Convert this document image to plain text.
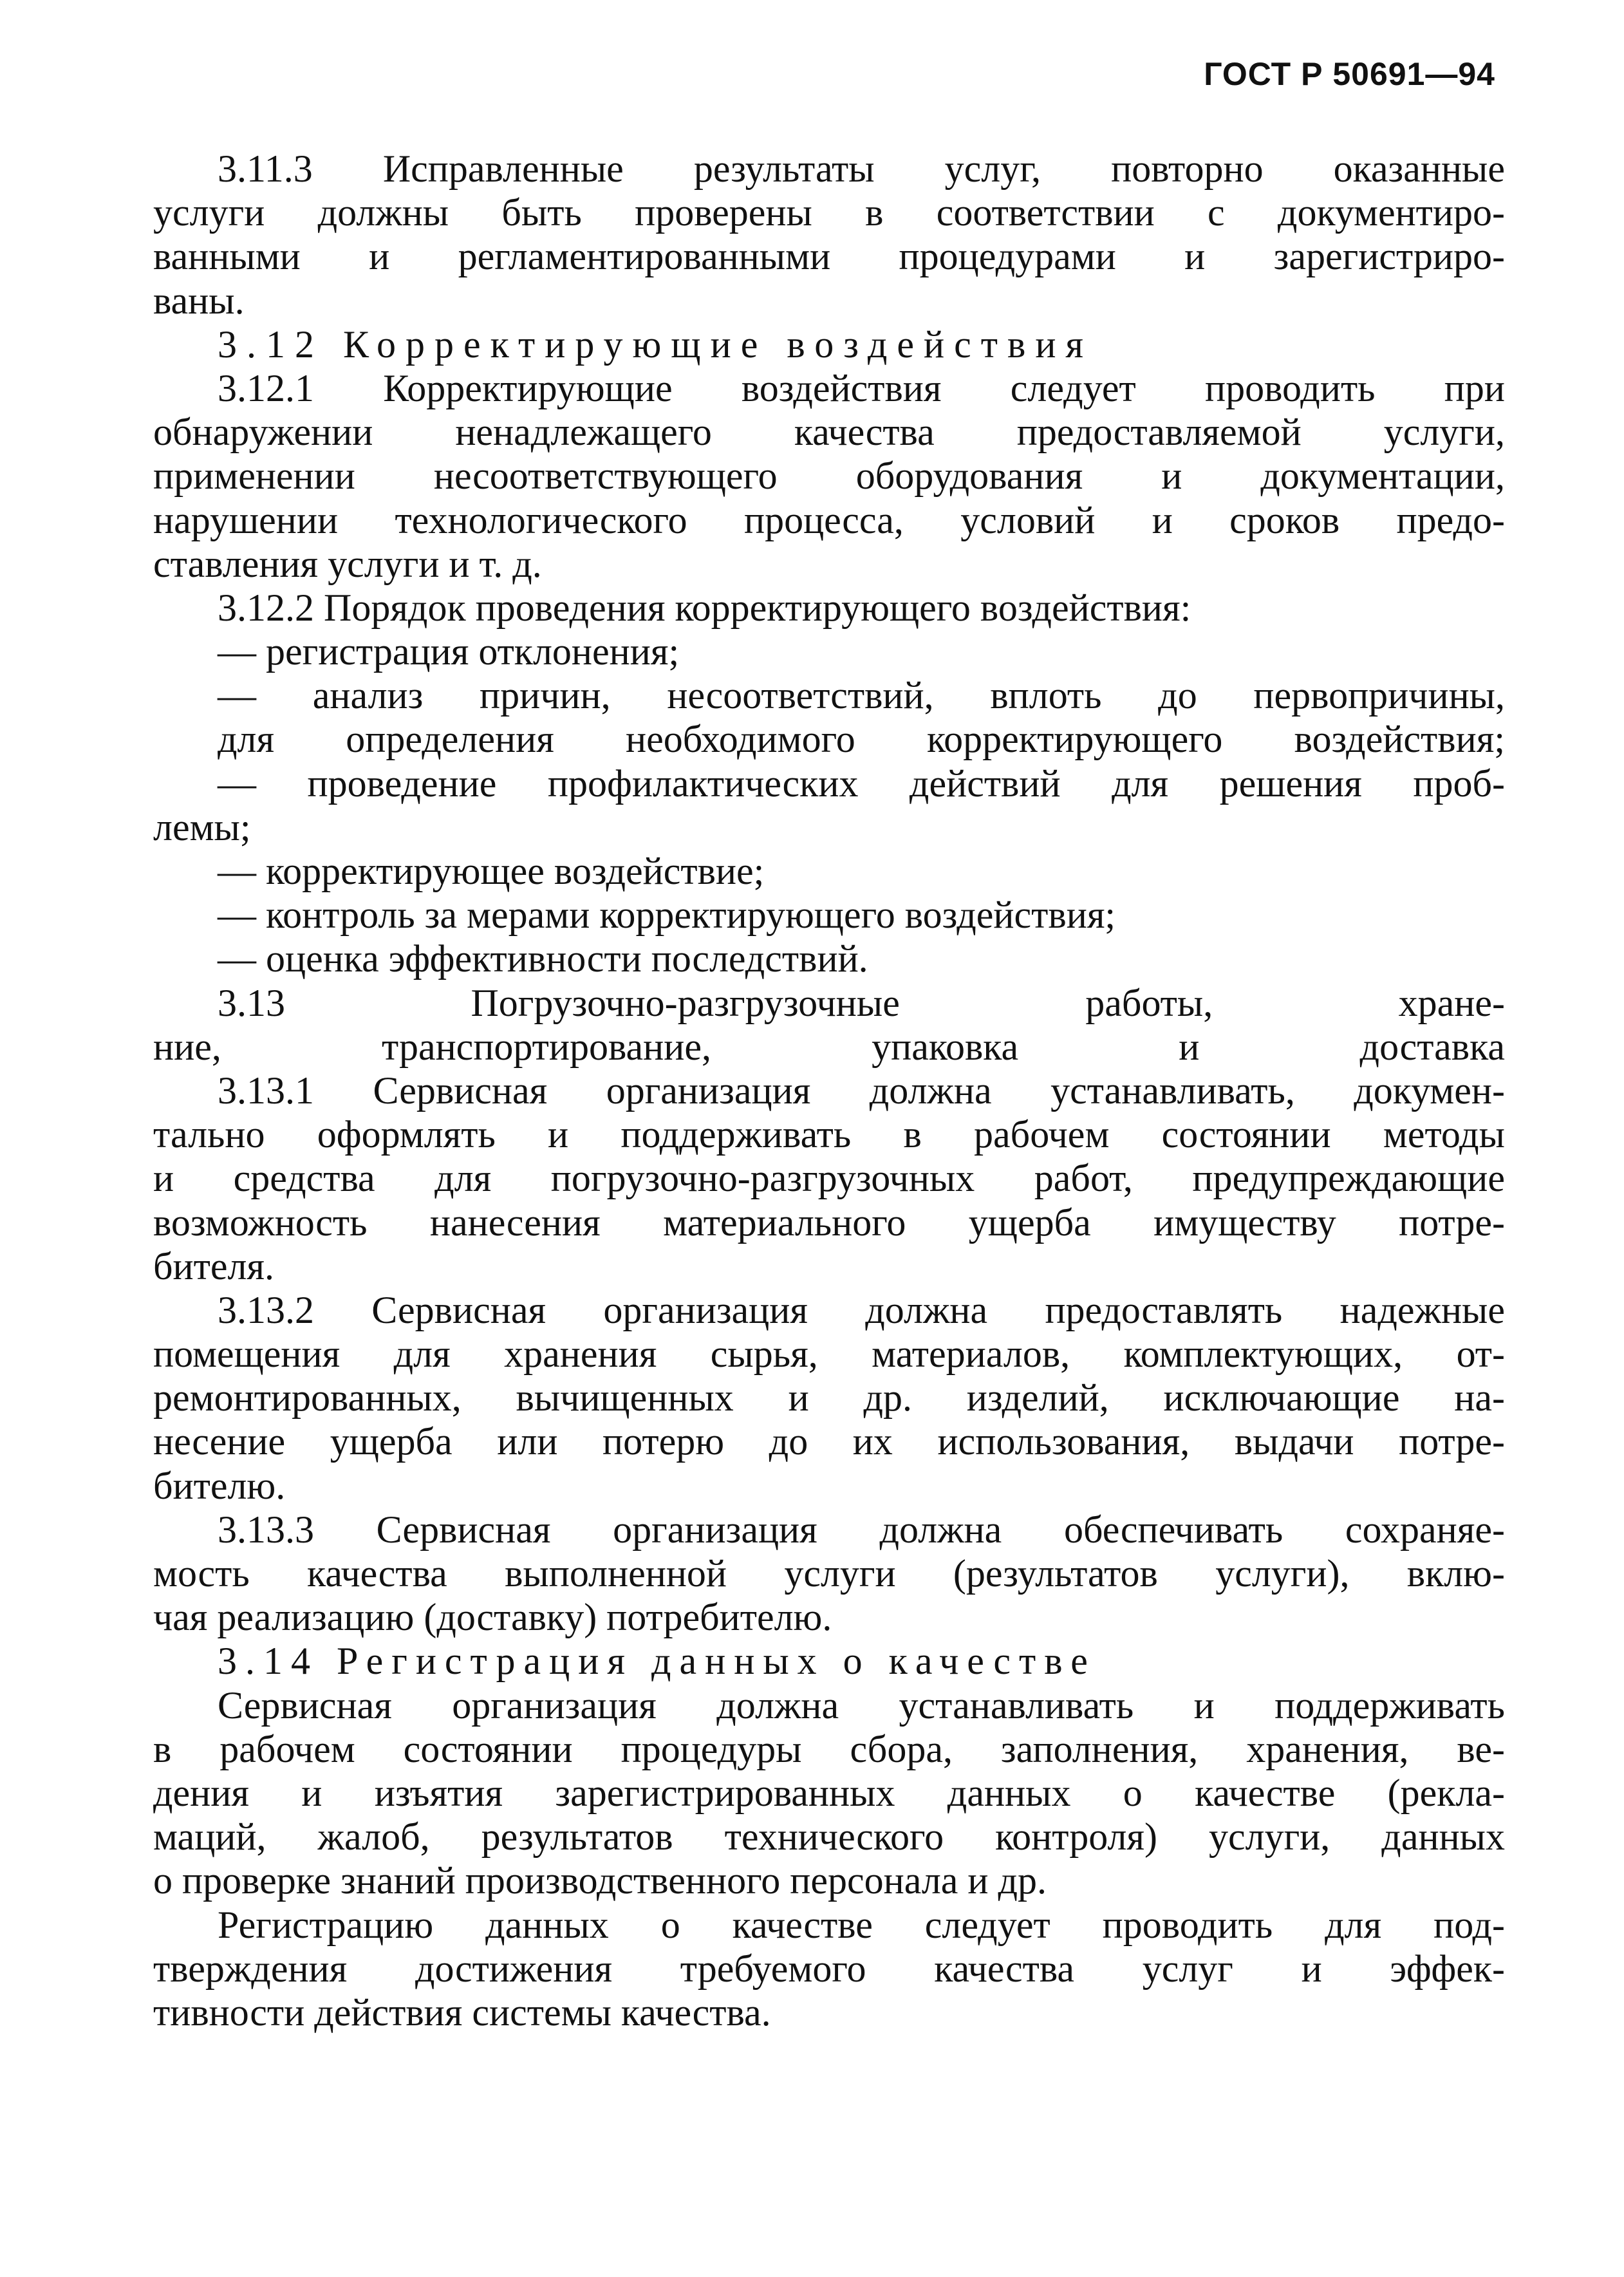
ГОСТ Р 50691—94
3.11.3 Исправленные результаты услуг, повторно оказанные
услуги должны быть проверены в соответствии с документиро-
ванными и регламентированными процедурами и зарегистриро-
ваны.
3.12 Корректирующие воздействия
3.12.1 Корректирующие воздействия следует проводить при
обнаружении ненадлежащего качества предоставляемой услуги,
применении несоответствующего оборудования и документации,
нарушении технологического процесса, условий и сроков предо-
ставления услуги и т. д.
3.12.2 Порядок проведения корректирующего воздействия:
— регистрация отклонения;
— анализ причин, несоответствий, вплоть до первопричины,
для определения необходимого корректирующего воздействия;
— проведение профилактических действий для решения проб-
лемы;
— корректирующее воздействие;
— контроль за мерами корректирующего воздействия;
— оценка эффективности последствий.
3.13 Погрузочно-разгрузочные работы, хране-
ние, транспортирование, упаковка и доставка
3.13.1 Сервисная организация должна устанавливать, докумен-
тально оформлять и поддерживать в рабочем состоянии методы
и средства для погрузочно-разгрузочных работ, предупреждающие
возможность нанесения материального ущерба имуществу потре-
бителя.
3.13.2 Сервисная организация должна предоставлять надежные
помещения для хранения сырья, материалов, комплектующих, от-
ремонтированных, вычищенных и др. изделий, исключающие на-
несение ущерба или потерю до их использования, выдачи потре-
бителю.
3.13.3 Сервисная организация должна обеспечивать сохраняе-
мость качества выполненной услуги (результатов услуги), вклю-
чая реализацию (доставку) потребителю.
3.14 Регистрация данных о качестве
Сервисная организация должна устанавливать и поддерживать
в рабочем состоянии процедуры сбора, заполнения, хранения, ве-
дения и изъятия зарегистрированных данных о качестве (рекла-
маций, жалоб, результатов технического контроля) услуги, данных
о проверке знаний производственного персонала и др.
Регистрацию данных о качестве следует проводить для под-
тверждения достижения требуемого качества услуг и эффек-
тивности действия системы качества.
